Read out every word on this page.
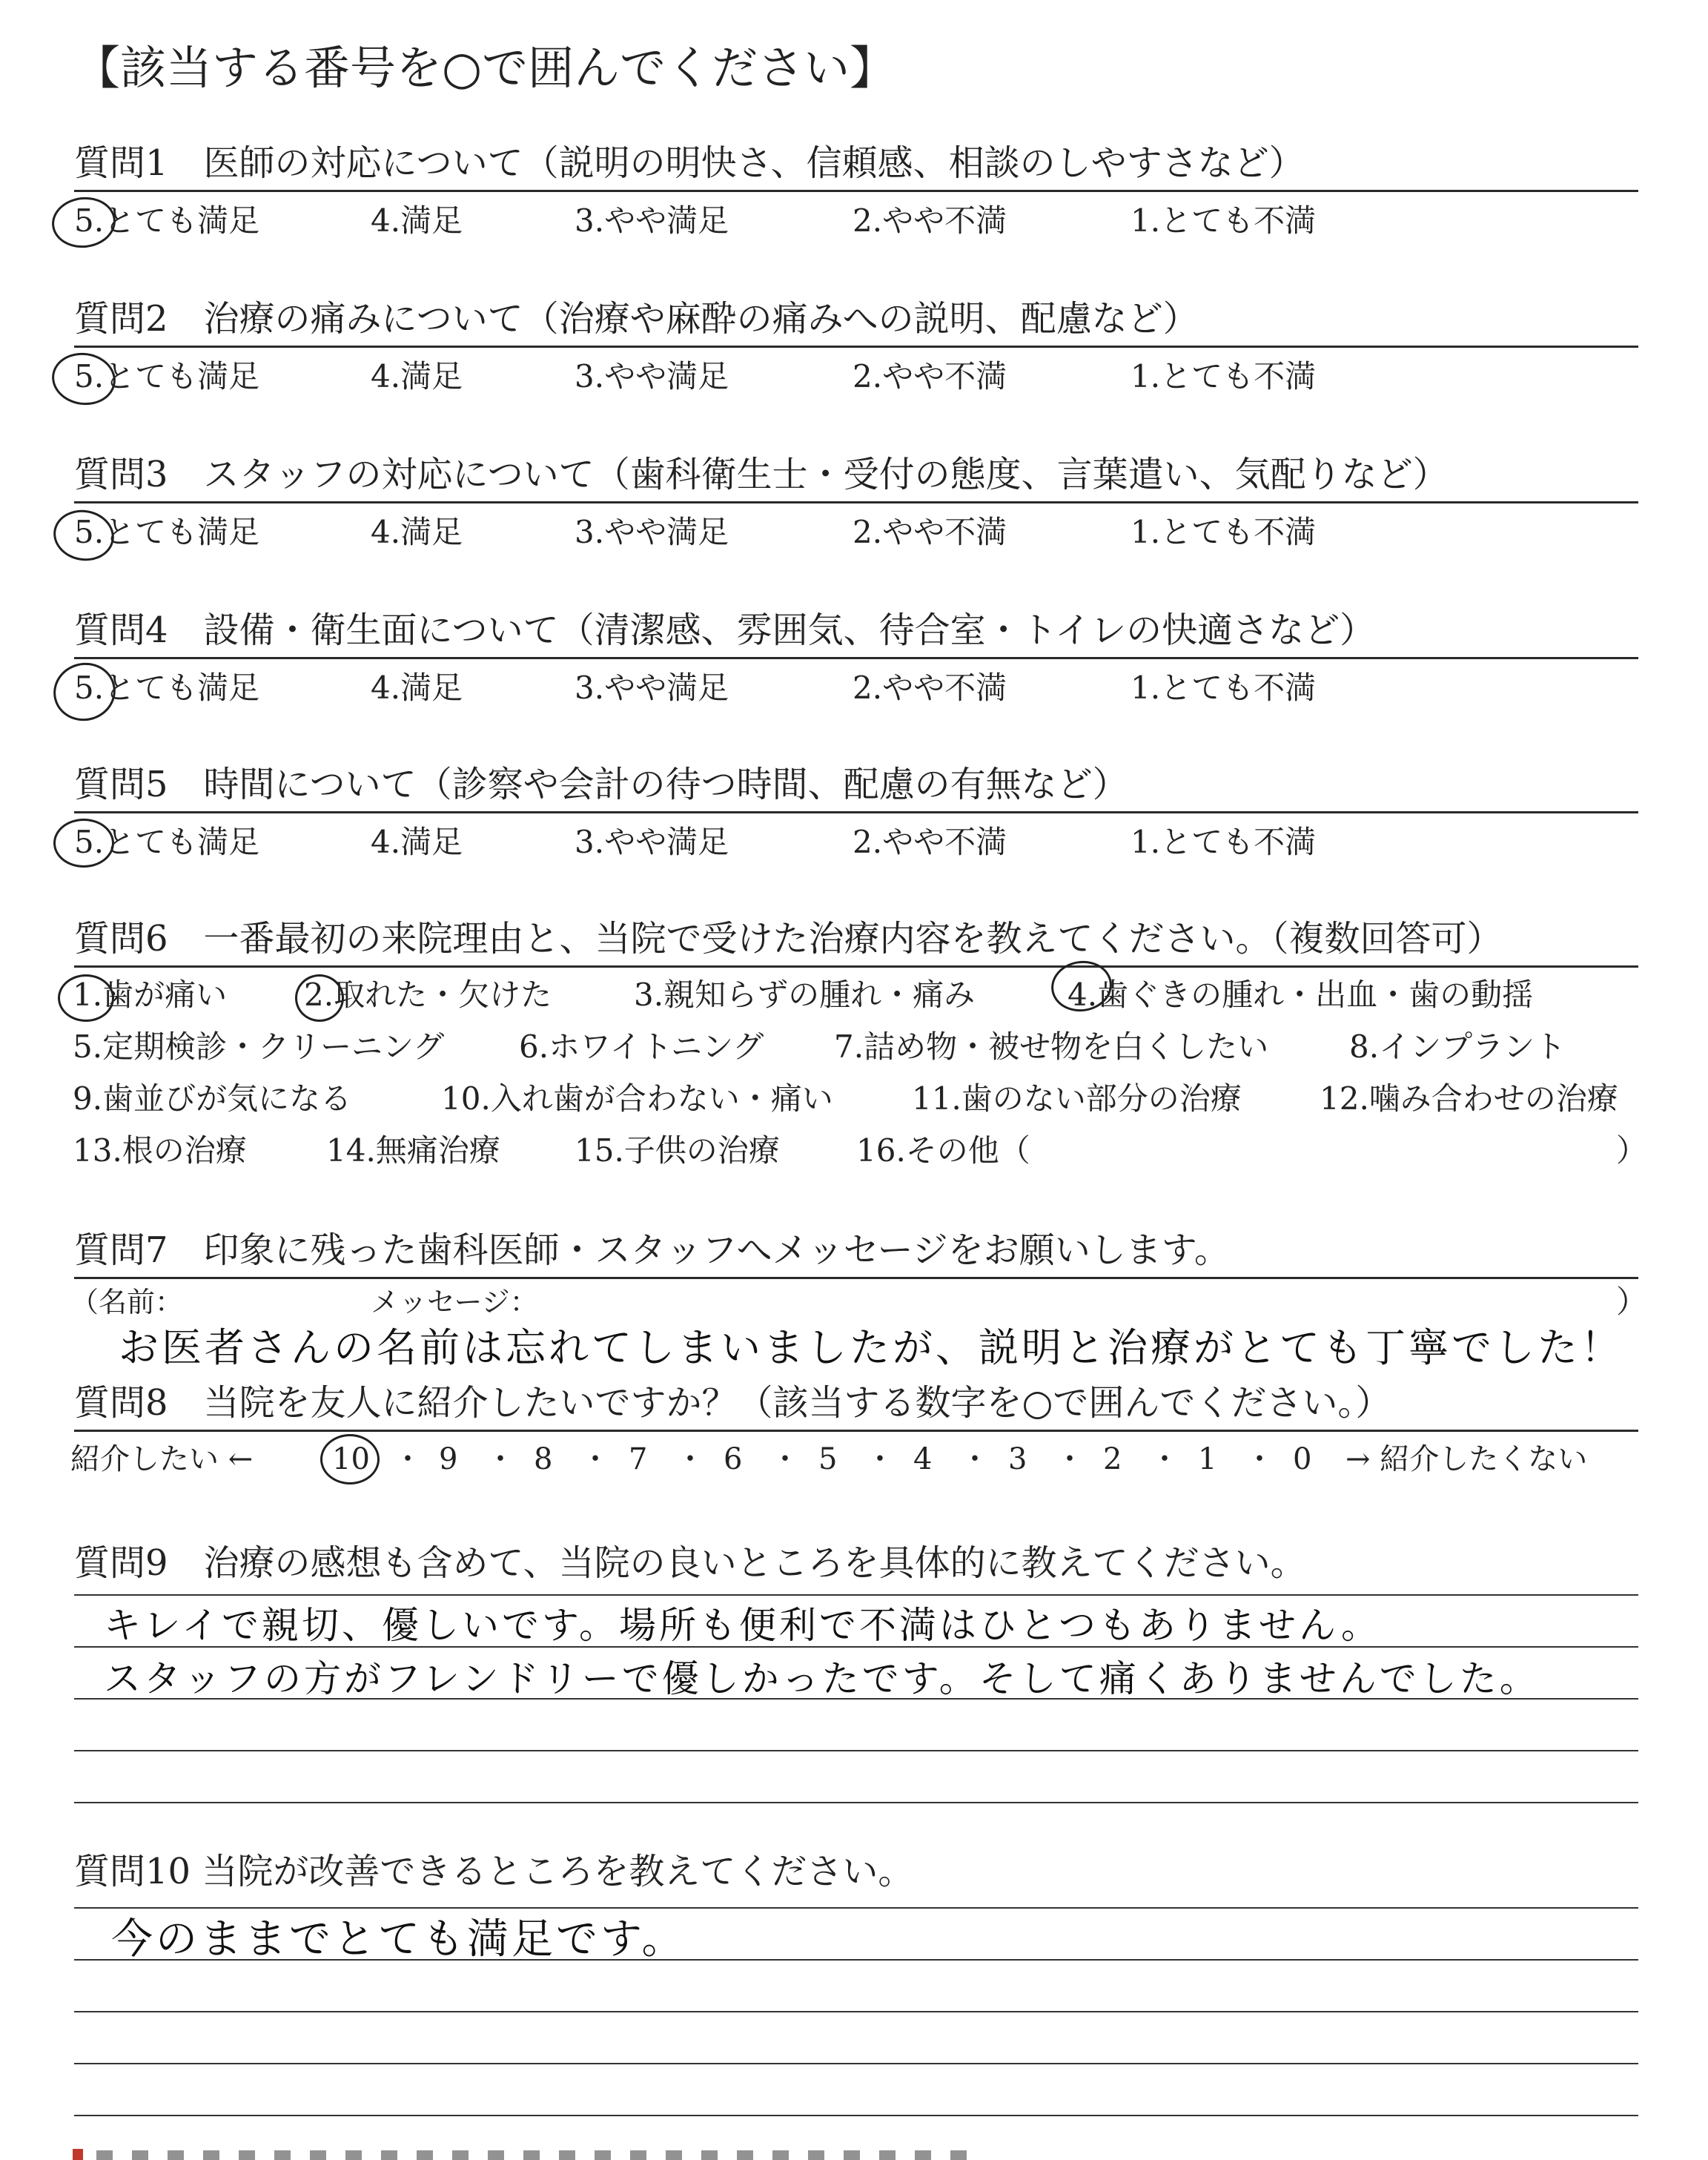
【該当する番号を○で囲んでください】
質問1　医師の対応について（説明の明快さ、信頼感、相談のしやすさなど）
5.とても満足	4.満足	3.やや満足	2.やや不満	1.とても不満
質問2　治療の痛みについて（治療や麻酔の痛みへの説明、配慮など）
5.とても満足	4.満足	3.やや満足	2.やや不満	1.とても不満
質問3　スタッフの対応について（歯科衛生士・受付の態度、言葉遣い、気配りなど）
5.とても満足	4.満足	3.やや満足	2.やや不満	1.とても不満
質問4　設備・衛生面について（清潔感、雰囲気、待合室・トイレの快適さなど）
5.とても満足	4.満足	3.やや満足	2.やや不満	1.とても不満
質問5　時間について（診察や会計の待つ時間、配慮の有無など）
5.とても満足	4.満足	3.やや満足	2.やや不満	1.とても不満
質問6　一番最初の来院理由と、当院で受けた治療内容を教えてください。（複数回答可）
1.歯が痛い 2.取れた・欠けた	3.親知らずの腫れ・痛み	4.歯ぐきの腫れ・出血・歯の動揺
5.定期検診・クリーニング 6.ホワイトニング 7.詰め物・被せ物を白くしたい	8.インプラント
9.歯並びが気になる	10.入れ歯が合わない・痛い	11.歯のない部分の治療	12.噛み合わせの治療
13.根の治療	14.無痛治療 15.子供の治療 16.その他（	）
質問7　印象に残った歯科医師・スタッフへメッセージをお願いします。
（名前：	メッセージ：	）
お医者さんの名前は忘れてしまいましたが、説明と治療がとても丁寧でした！
質問8　当院を友人に紹介したいですか？（該当する数字を○で囲んでください。）
紹介したい ←	10 ・ 9 ・ 8 ・ 7 ・ 6 ・ 5 ・ 4 ・ 3 ・ 2 ・ 1 ・ 0 → 紹介したくない
質問9　治療の感想も含めて、当院の良いところを具体的に教えてください。
キレイで親切、優しいです。場所も便利で不満はひとつもありません。
スタッフの方がフレンドリーで優しかったです。そして痛くありませんでした。
質問10 当院が改善できるところを教えてください。
今のままでとても満足です。
